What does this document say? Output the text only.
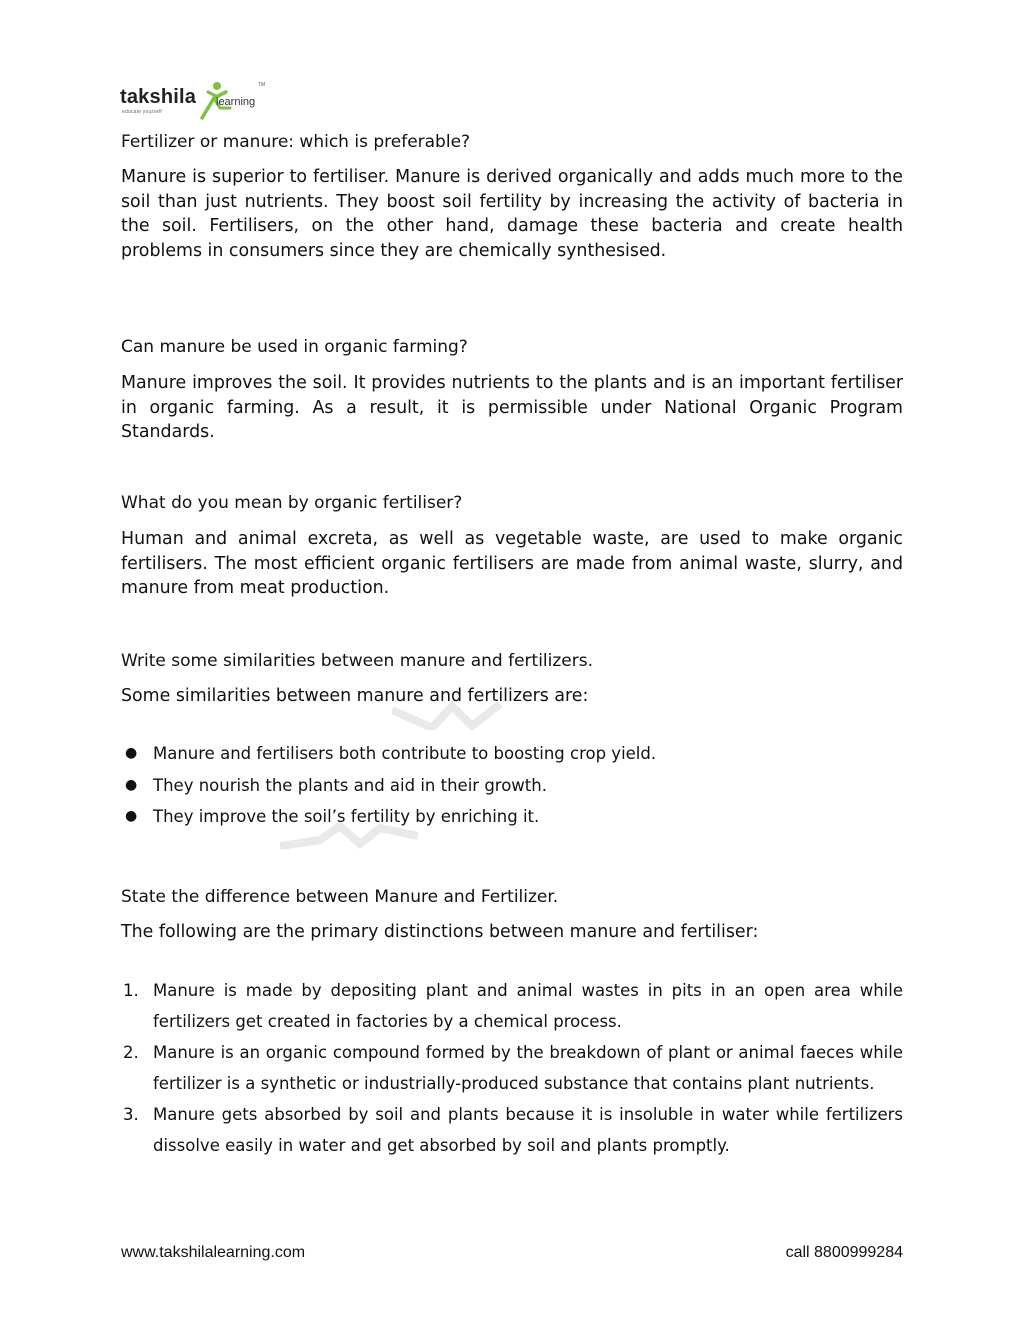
takshila learning
educate yourself
TM
Fertilizer or manure: which is preferable?

Manure is superior to fertiliser. Manure is derived organically and adds much more to the soil than just nutrients. They boost soil fertility by increasing the activity of bacteria in the soil. Fertilisers, on the other hand, damage these bacteria and create health problems in consumers since they are chemically synthesised.

Can manure be used in organic farming?

Manure improves the soil. It provides nutrients to the plants and is an important fertiliser in organic farming. As a result, it is permissible under National Organic Program Standards.

What do you mean by organic fertiliser?

Human and animal excreta, as well as vegetable waste, are used to make organic fertilisers. The most efficient organic fertilisers are made from animal waste, slurry, and manure from meat production.

Write some similarities between manure and fertilizers.

Some similarities between manure and fertilizers are:

● Manure and fertilisers both contribute to boosting crop yield.
● They nourish the plants and aid in their growth.
● They improve the soil’s fertility by enriching it.
State the difference between Manure and Fertilizer.

The following are the primary distinctions between manure and fertiliser:

1. Manure is made by depositing plant and animal wastes in pits in an open area while fertilizers get created in factories by a chemical process.
2. Manure is an organic compound formed by the breakdown of plant or animal faeces while fertilizer is a synthetic or industrially-produced substance that contains plant nutrients.
3. Manure gets absorbed by soil and plants because it is insoluble in water while fertilizers dissolve easily in water and get absorbed by soil and plants promptly.
www.takshilalearning.com	call 8800999284
